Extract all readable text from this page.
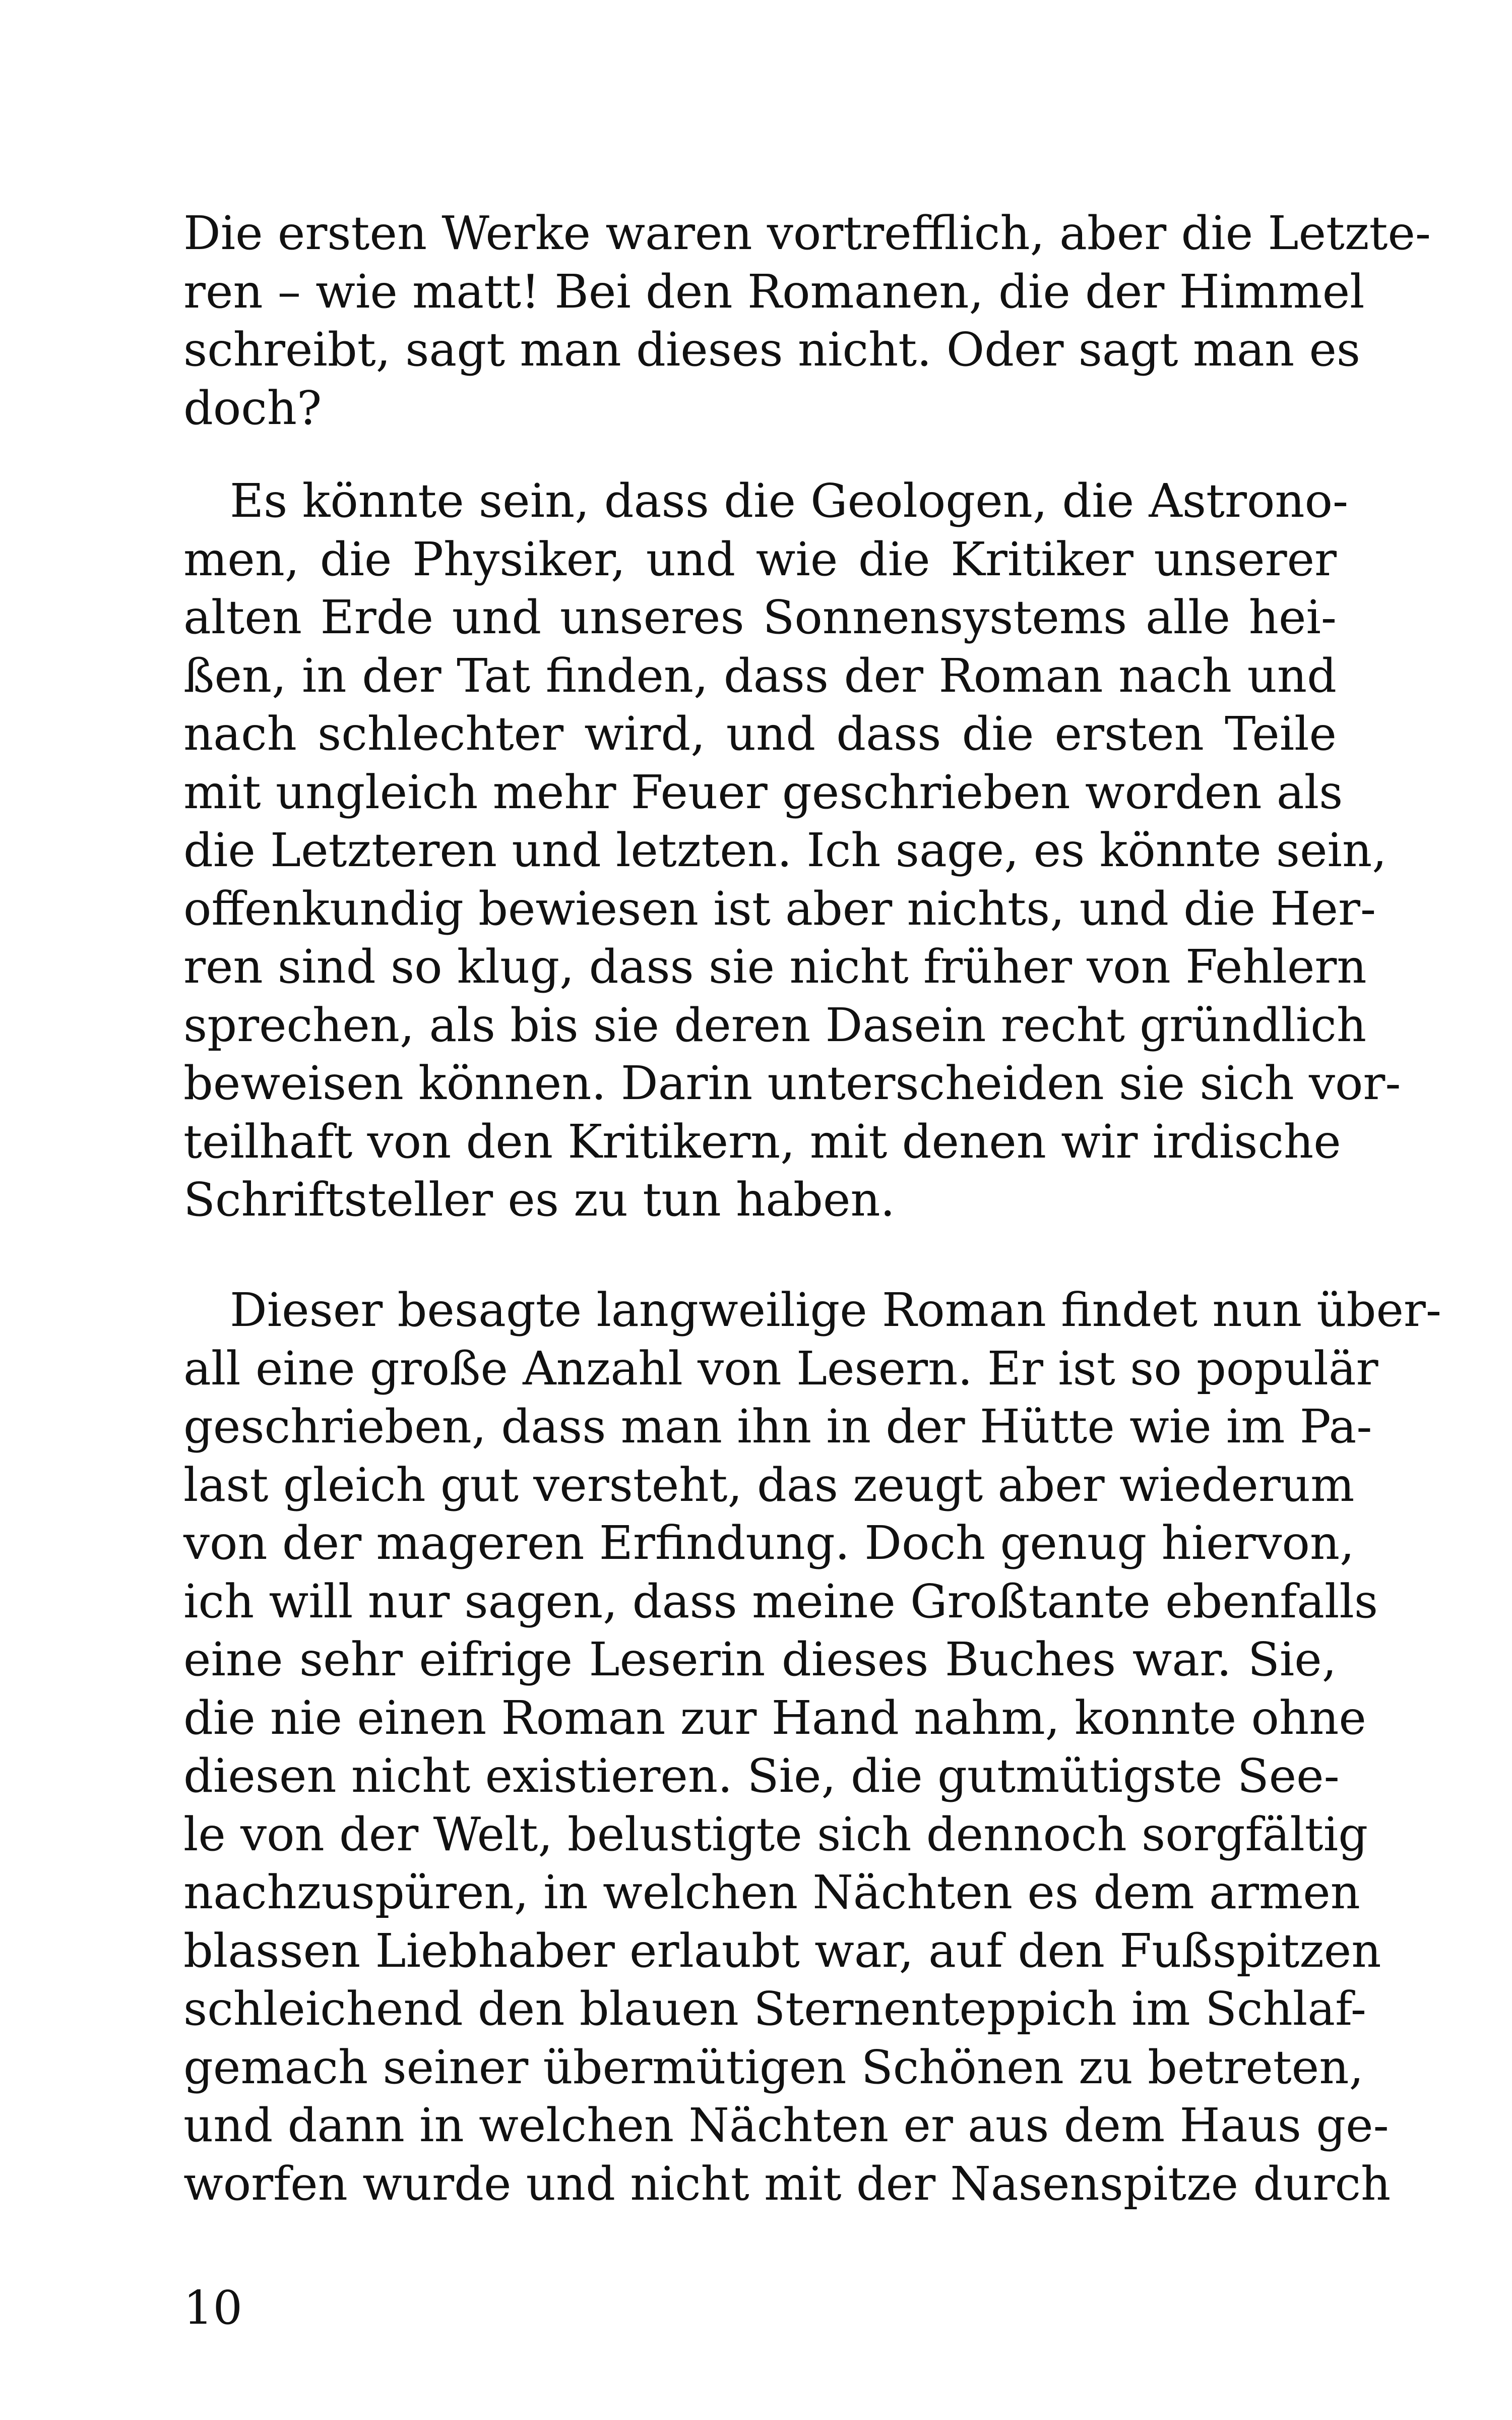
Die ersten Werke waren vortrefflich, aber die Letzte-
ren – wie matt! Bei den Romanen, die der Himmel
schreibt, sagt man dieses nicht. Oder sagt man es
doch?
Es könnte sein, dass die Geologen, die Astrono-
men, die Physiker, und wie die Kritiker unserer
alten Erde und unseres Sonnensystems alle hei-
ßen, in der Tat finden, dass der Roman nach und
nach schlechter wird, und dass die ersten Teile
mit ungleich mehr Feuer geschrieben worden als
die Letzteren und letzten. Ich sage, es könnte sein,
offenkundig bewiesen ist aber nichts, und die Her-
ren sind so klug, dass sie nicht früher von Fehlern
sprechen, als bis sie deren Dasein recht gründlich
beweisen können. Darin unterscheiden sie sich vor-
teilhaft von den Kritikern, mit denen wir irdische
Schriftsteller es zu tun haben.
Dieser besagte langweilige Roman findet nun über-
all eine große Anzahl von Lesern. Er ist so populär
geschrieben, dass man ihn in der Hütte wie im Pa-
last gleich gut versteht, das zeugt aber wiederum
von der mageren Erfindung. Doch genug hiervon,
ich will nur sagen, dass meine Großtante ebenfalls
eine sehr eifrige Leserin dieses Buches war. Sie,
die nie einen Roman zur Hand nahm, konnte ohne
diesen nicht existieren. Sie, die gutmütigste See-
le von der Welt, belustigte sich dennoch sorgfältig
nachzuspüren, in welchen Nächten es dem armen
blassen Liebhaber erlaubt war, auf den Fußspitzen
schleichend den blauen Sternenteppich im Schlaf-
gemach seiner übermütigen Schönen zu betreten,
und dann in welchen Nächten er aus dem Haus ge-
worfen wurde und nicht mit der Nasenspitze durch
10
